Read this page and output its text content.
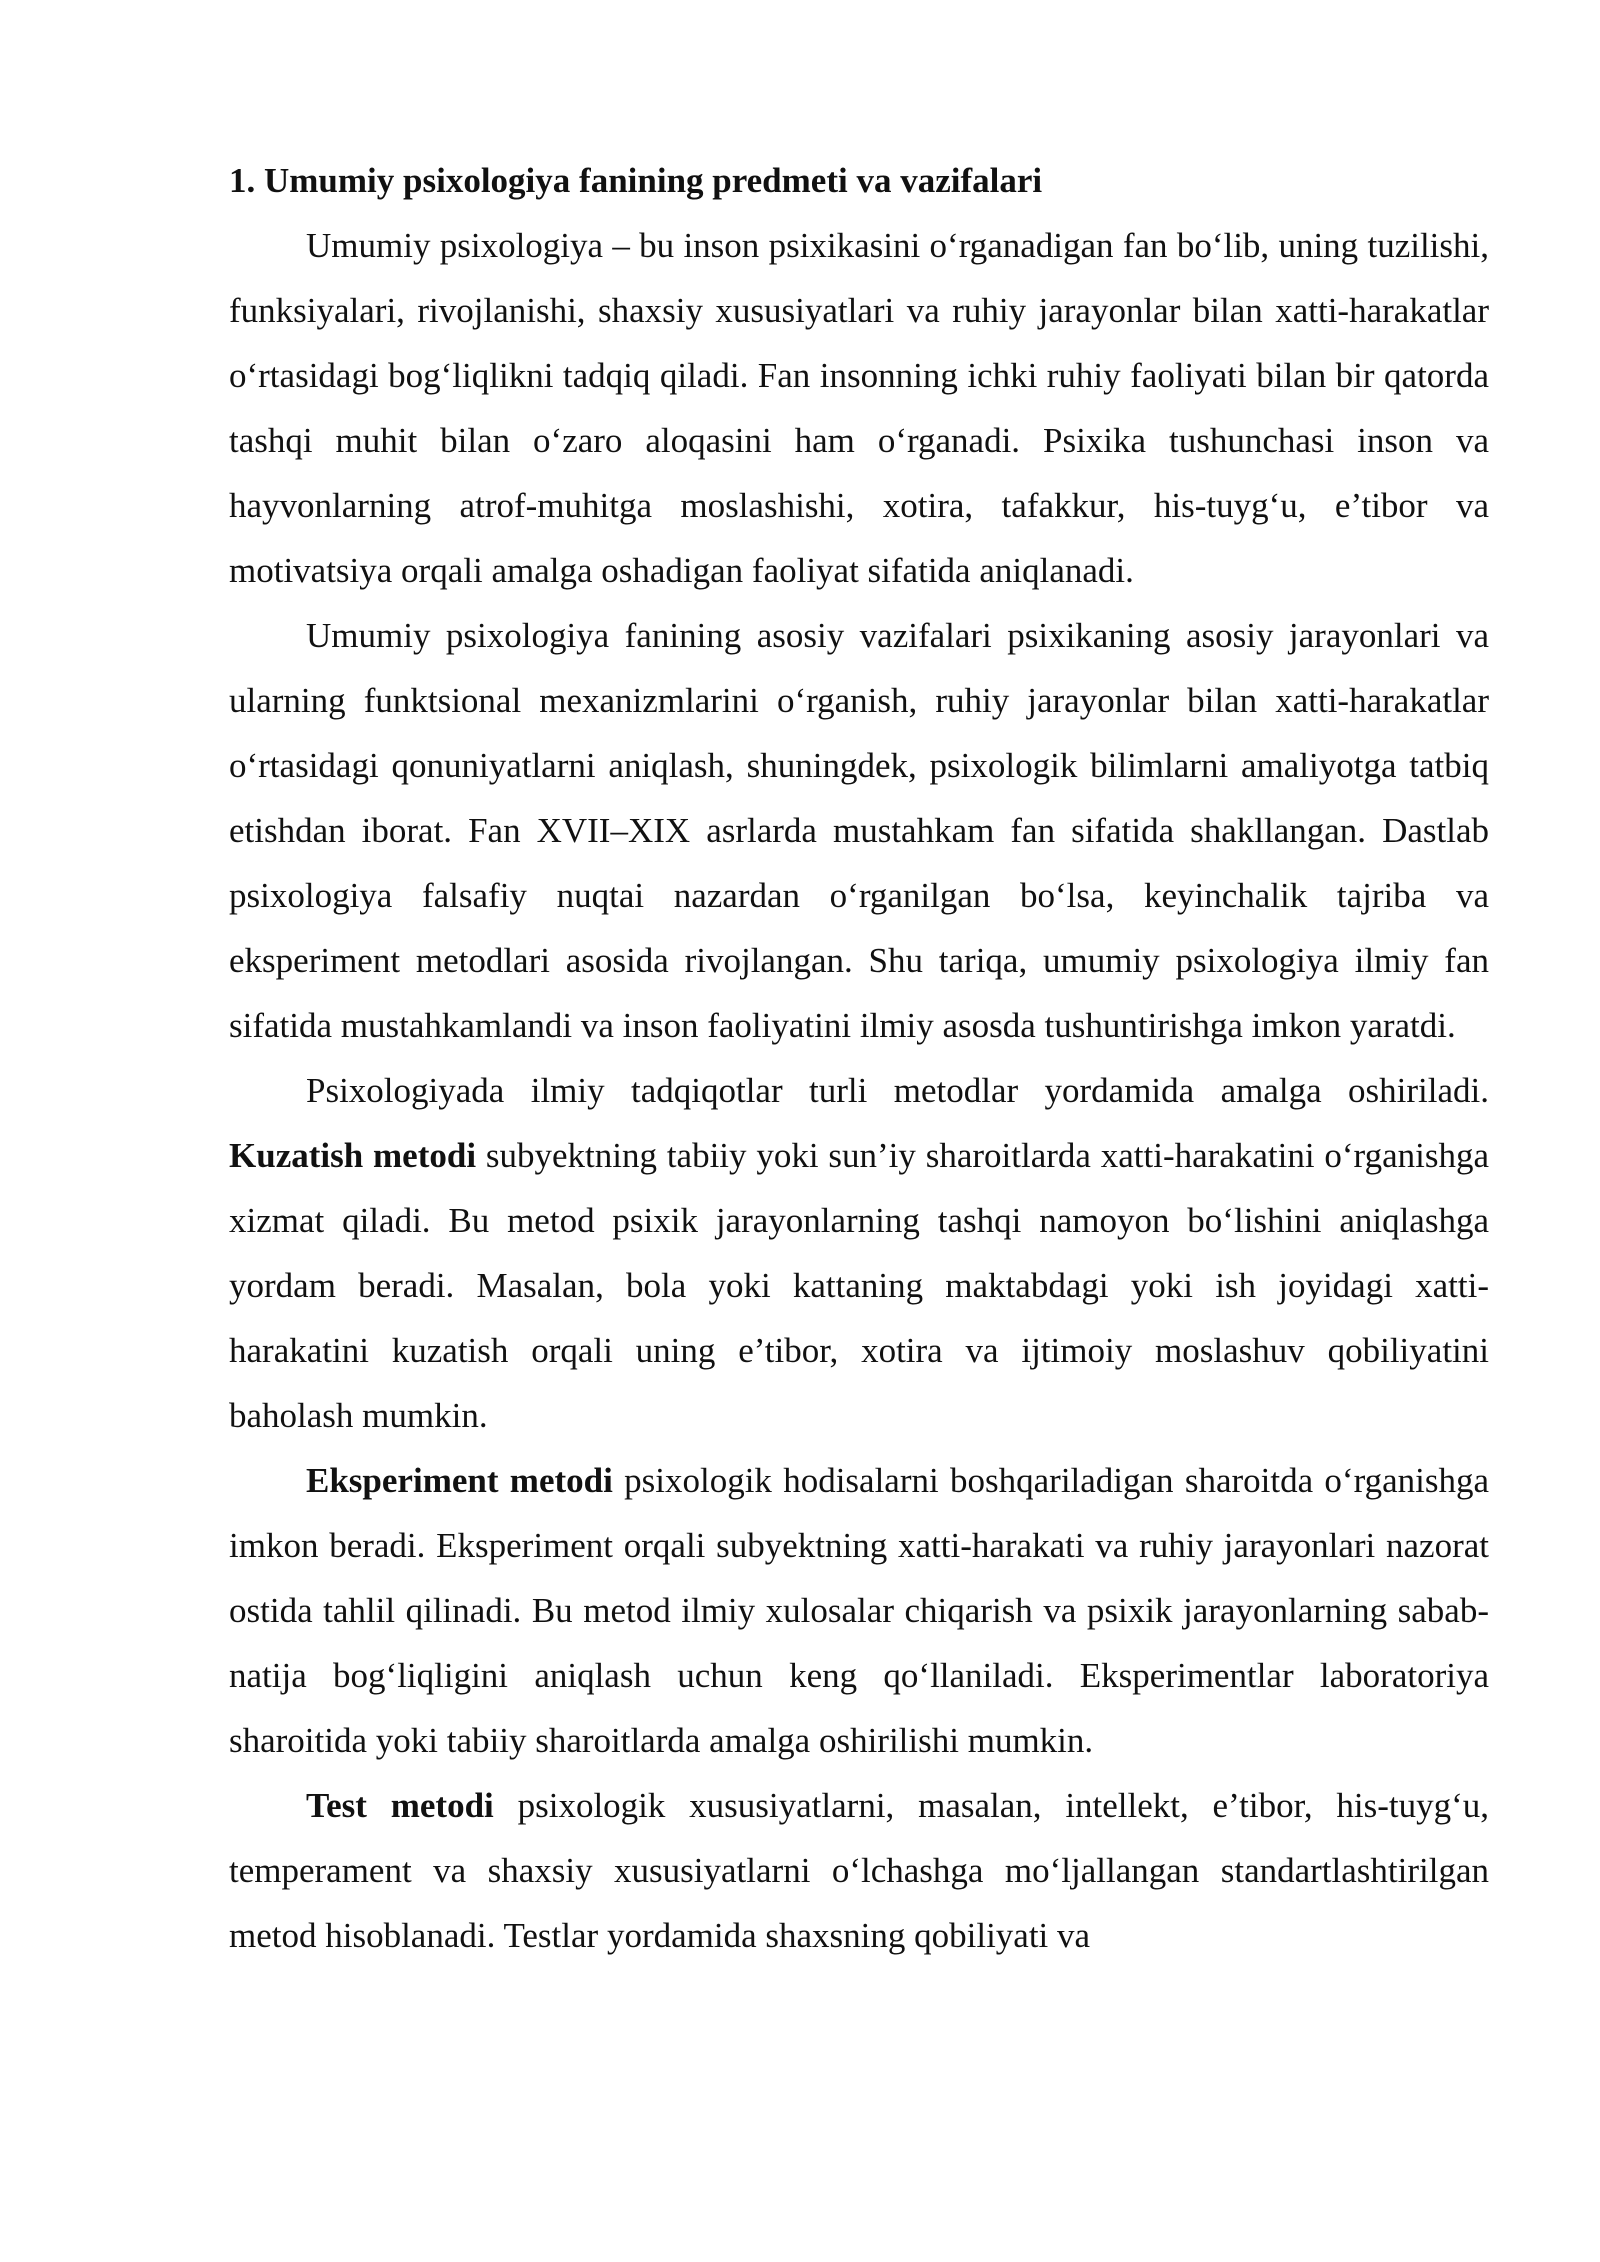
1. Umumiy psixologiya fanining predmeti va vazifalari

Umumiy psixologiya – bu inson psixikasini o‘rganadigan fan bo‘lib, uning tuzilishi, funksiyalari, rivojlanishi, shaxsiy xususiyatlari va ruhiy jarayonlar bilan xatti-harakatlar o‘rtasidagi bog‘liqlikni tadqiq qiladi. Fan insonning ichki ruhiy faoliyati bilan bir qatorda tashqi muhit bilan o‘zaro aloqasini ham o‘rganadi. Psixika tushunchasi inson va hayvonlarning atrof-muhitga moslashishi, xotira, tafakkur, his-tuyg‘u, e’tibor va motivatsiya orqali amalga oshadigan faoliyat sifatida aniqlanadi.

Umumiy psixologiya fanining asosiy vazifalari psixikaning asosiy jarayonlari va ularning funktsional mexanizmlarini o‘rganish, ruhiy jarayonlar bilan xatti-harakatlar o‘rtasidagi qonuniyatlarni aniqlash, shuningdek, psixologik bilimlarni amaliyotga tatbiq etishdan iborat. Fan XVII–XIX asrlarda mustahkam fan sifatida shakllangan. Dastlab psixologiya falsafiy nuqtai nazardan o‘rganilgan bo‘lsa, keyinchalik tajriba va eksperiment metodlari asosida rivojlangan. Shu tariqa, umumiy psixologiya ilmiy fan sifatida mustahkamlandi va inson faoliyatini ilmiy asosda tushuntirishga imkon yaratdi.

Psixologiyada ilmiy tadqiqotlar turli metodlar yordamida amalga oshiriladi. Kuzatish metodi subyektning tabiiy yoki sun’iy sharoitlarda xatti-harakatini o‘rganishga xizmat qiladi. Bu metod psixik jarayonlarning tashqi namoyon bo‘lishini aniqlashga yordam beradi. Masalan, bola yoki kattaning maktabdagi yoki ish joyidagi xatti-harakatini kuzatish orqali uning e’tibor, xotira va ijtimoiy moslashuv qobiliyatini baholash mumkin.

Eksperiment metodi psixologik hodisalarni boshqariladigan sharoitda o‘rganishga imkon beradi. Eksperiment orqali subyektning xatti-harakati va ruhiy jarayonlari nazorat ostida tahlil qilinadi. Bu metod ilmiy xulosalar chiqarish va psixik jarayonlarning sabab-natija bog‘liqligini aniqlash uchun keng qo‘llaniladi. Eksperimentlar laboratoriya sharoitida yoki tabiiy sharoitlarda amalga oshirilishi mumkin.

Test metodi psixologik xususiyatlarni, masalan, intellekt, e’tibor, his-tuyg‘u, temperament va shaxsiy xususiyatlarni o‘lchashga mo‘ljallangan standartlashtirilgan metod hisoblanadi. Testlar yordamida shaxsning qobiliyati va
